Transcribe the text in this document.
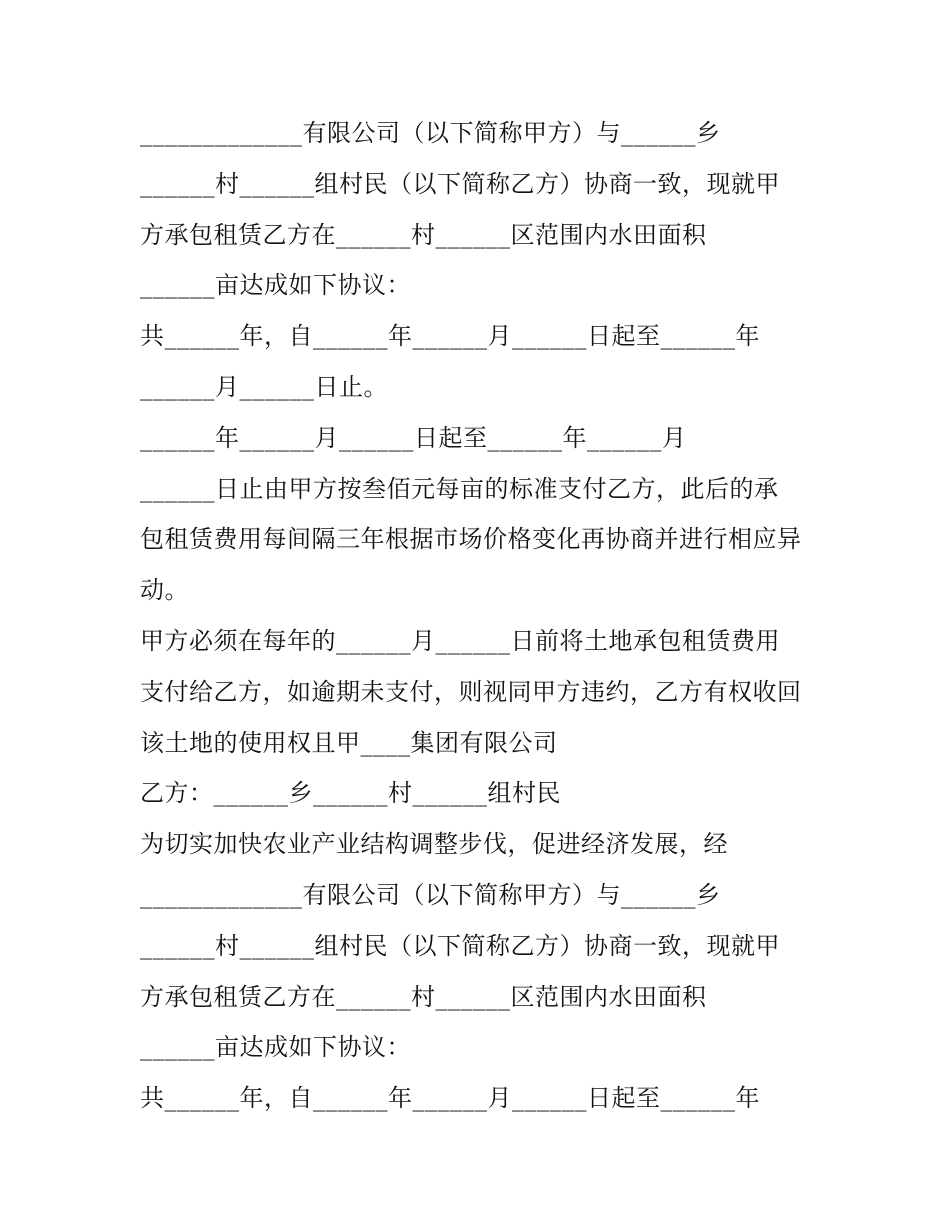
_____________有限公司（以下简称甲方）与______乡
______村______组村民（以下简称乙方）协商一致，现就甲
方承包租赁乙方在______村______区范围内水田面积
______亩达成如下协议：
共______年，自______年______月______日起至______年
______月______日止。
______年______月______日起至______年______月
______日止由甲方按叁佰元每亩的标准支付乙方，此后的承
包租赁费用每间隔三年根据市场价格变化再协商并进行相应异
动。
甲方必须在每年的______月______日前将土地承包租赁费用
支付给乙方，如逾期未支付，则视同甲方违约，乙方有权收回
该土地的使用权且甲____集团有限公司
乙方：______乡______村______组村民
为切实加快农业产业结构调整步伐，促进经济发展，经
_____________有限公司（以下简称甲方）与______乡
______村______组村民（以下简称乙方）协商一致，现就甲
方承包租赁乙方在______村______区范围内水田面积
______亩达成如下协议：
共______年，自______年______月______日起至______年
